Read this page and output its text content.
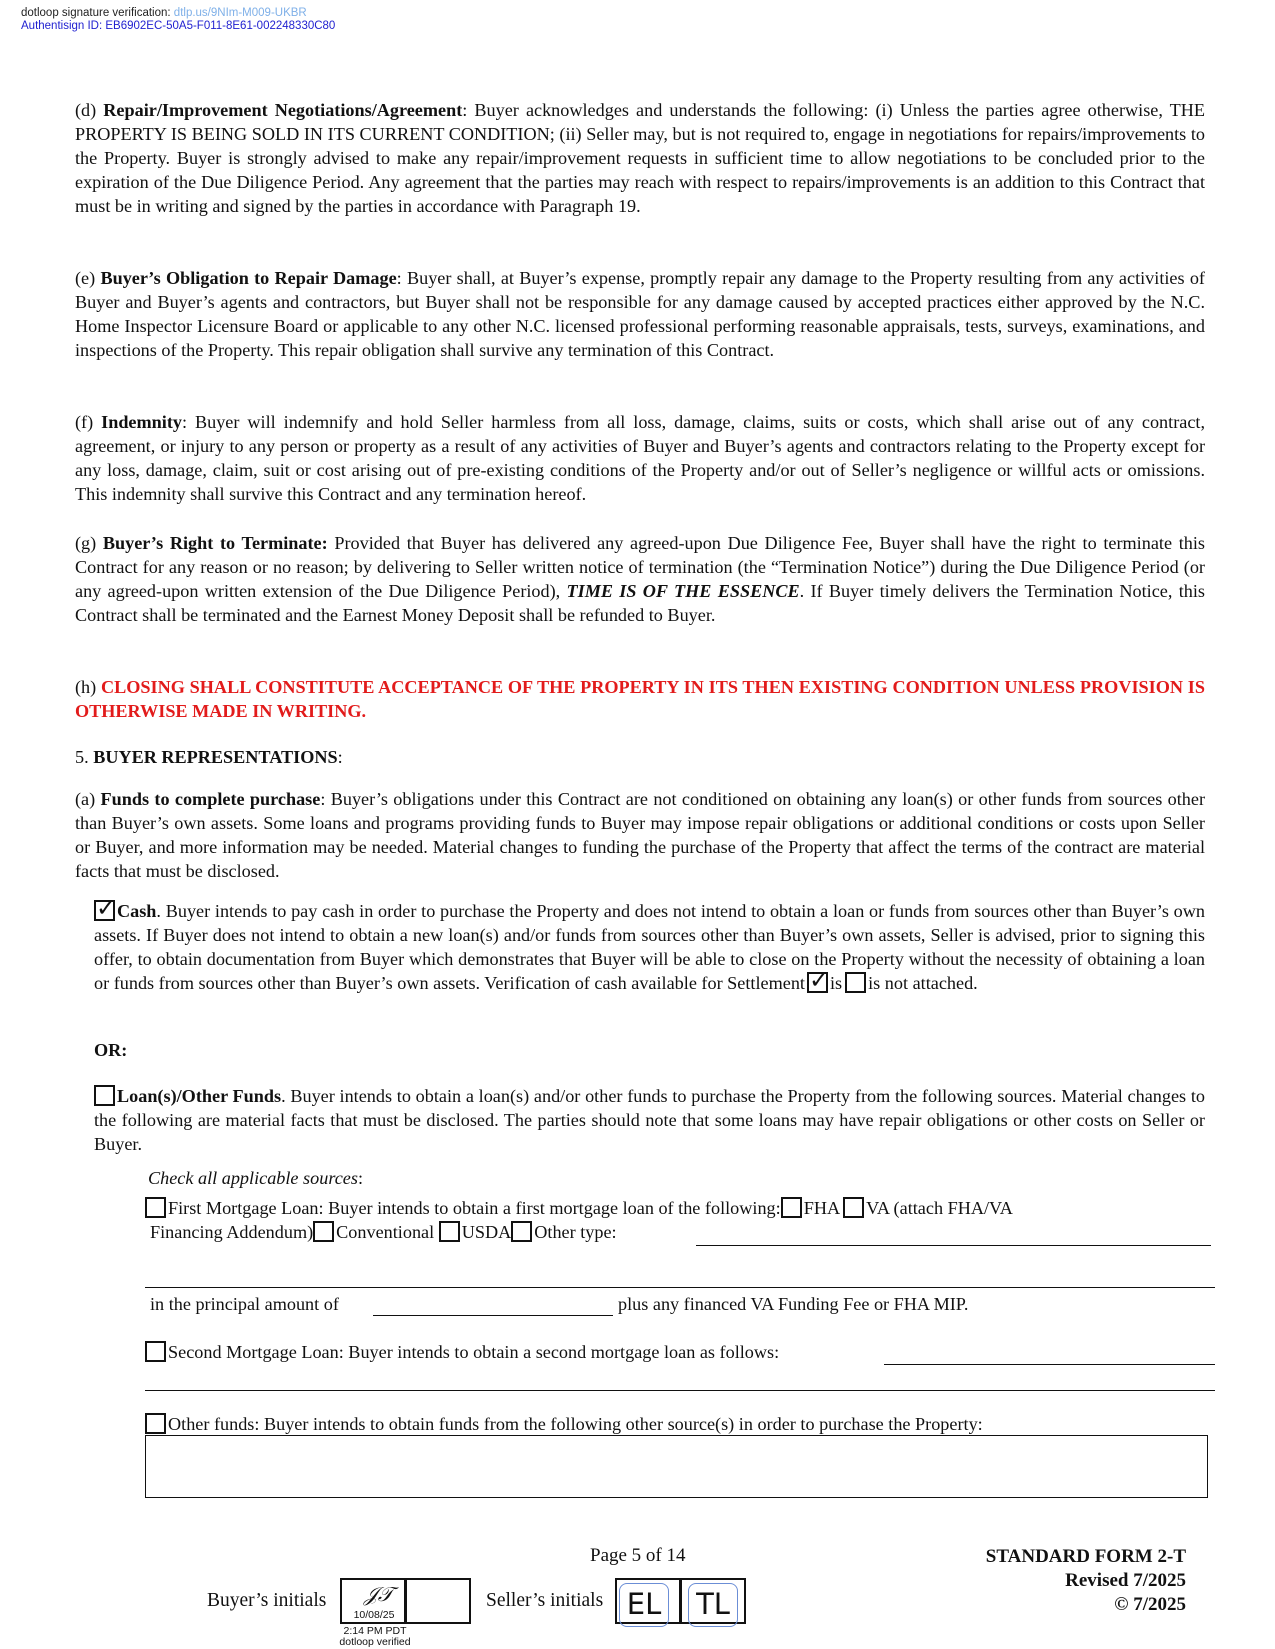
dotloop signature verification: dtlp.us/9NIm-M009-UKBR
Authentisign ID: EB6902EC-50A5-F011-8E61-002248330C80
(d) Repair/Improvement Negotiations/Agreement: Buyer acknowledges and understands the following: (i) Unless the parties agree otherwise, THE PROPERTY IS BEING SOLD IN ITS CURRENT CONDITION; (ii) Seller may, but is not required to, engage in negotiations for repairs/improvements to the Property. Buyer is strongly advised to make any repair/improvement requests in sufficient time to allow negotiations to be concluded prior to the expiration of the Due Diligence Period. Any agreement that the parties may reach with respect to repairs/improvements is an addition to this Contract that must be in writing and signed by the parties in accordance with Paragraph 19.
(e) Buyer’s Obligation to Repair Damage: Buyer shall, at Buyer’s expense, promptly repair any damage to the Property resulting from any activities of Buyer and Buyer’s agents and contractors, but Buyer shall not be responsible for any damage caused by accepted practices either approved by the N.C. Home Inspector Licensure Board or applicable to any other N.C. licensed professional performing reasonable appraisals, tests, surveys, examinations, and inspections of the Property. This repair obligation shall survive any termination of this Contract.
(f) Indemnity: Buyer will indemnify and hold Seller harmless from all loss, damage, claims, suits or costs, which shall arise out of any contract, agreement, or injury to any person or property as a result of any activities of Buyer and Buyer’s agents and contractors relating to the Property except for any loss, damage, claim, suit or cost arising out of pre-existing conditions of the Property and/or out of Seller’s negligence or willful acts or omissions. This indemnity shall survive this Contract and any termination hereof.
(g) Buyer’s Right to Terminate: Provided that Buyer has delivered any agreed-upon Due Diligence Fee, Buyer shall have the right to terminate this Contract for any reason or no reason; by delivering to Seller written notice of termination (the “Termination Notice”) during the Due Diligence Period (or any agreed-upon written extension of the Due Diligence Period), TIME IS OF THE ESSENCE. If Buyer timely delivers the Termination Notice, this Contract shall be terminated and the Earnest Money Deposit shall be refunded to Buyer.
(h) CLOSING SHALL CONSTITUTE ACCEPTANCE OF THE PROPERTY IN ITS THEN EXISTING CONDITION UNLESS PROVISION IS OTHERWISE MADE IN WRITING.
5. BUYER REPRESENTATIONS:
(a) Funds to complete purchase: Buyer’s obligations under this Contract are not conditioned on obtaining any loan(s) or other funds from sources other than Buyer’s own assets. Some loans and programs providing funds to Buyer may impose repair obligations or additional conditions or costs upon Seller or Buyer, and more information may be needed. Material changes to funding the purchase of the Property that affect the terms of the contract are material facts that must be disclosed.
✓ Cash. Buyer intends to pay cash in order to purchase the Property and does not intend to obtain a loan or funds from sources other than Buyer’s own assets. If Buyer does not intend to obtain a new loan(s) and/or funds from sources other than Buyer’s own assets, Seller is advised, prior to signing this offer, to obtain documentation from Buyer which demonstrates that Buyer will be able to close on the Property without the necessity of obtaining a loan or funds from sources other than Buyer’s own assets. Verification of cash available for Settlement ✓ is is not attached.
OR:
Loan(s)/Other Funds. Buyer intends to obtain a loan(s) and/or other funds to purchase the Property from the following sources. Material changes to the following are material facts that must be disclosed. The parties should note that some loans may have repair obligations or other costs on Seller or Buyer.
Check all applicable sources:
First Mortgage Loan: Buyer intends to obtain a first mortgage loan of the following: FHA VA (attach FHA/VA
Financing Addendum) Conventional USDA Other type:
in the principal amount of	plus any financed VA Funding Fee or FHA MIP.
Second Mortgage Loan: Buyer intends to obtain a second mortgage loan as follows:
Other funds: Buyer intends to obtain funds from the following other source(s) in order to purchase the Property:
Page 5 of 14	STANDARD FORM 2-T
Revised 7/2025
© 7/2025
Buyer’s initials 𝒥𝒯
10/08/25
2:14 PM PDT
dotloop verified
Seller’s initials EL TL
